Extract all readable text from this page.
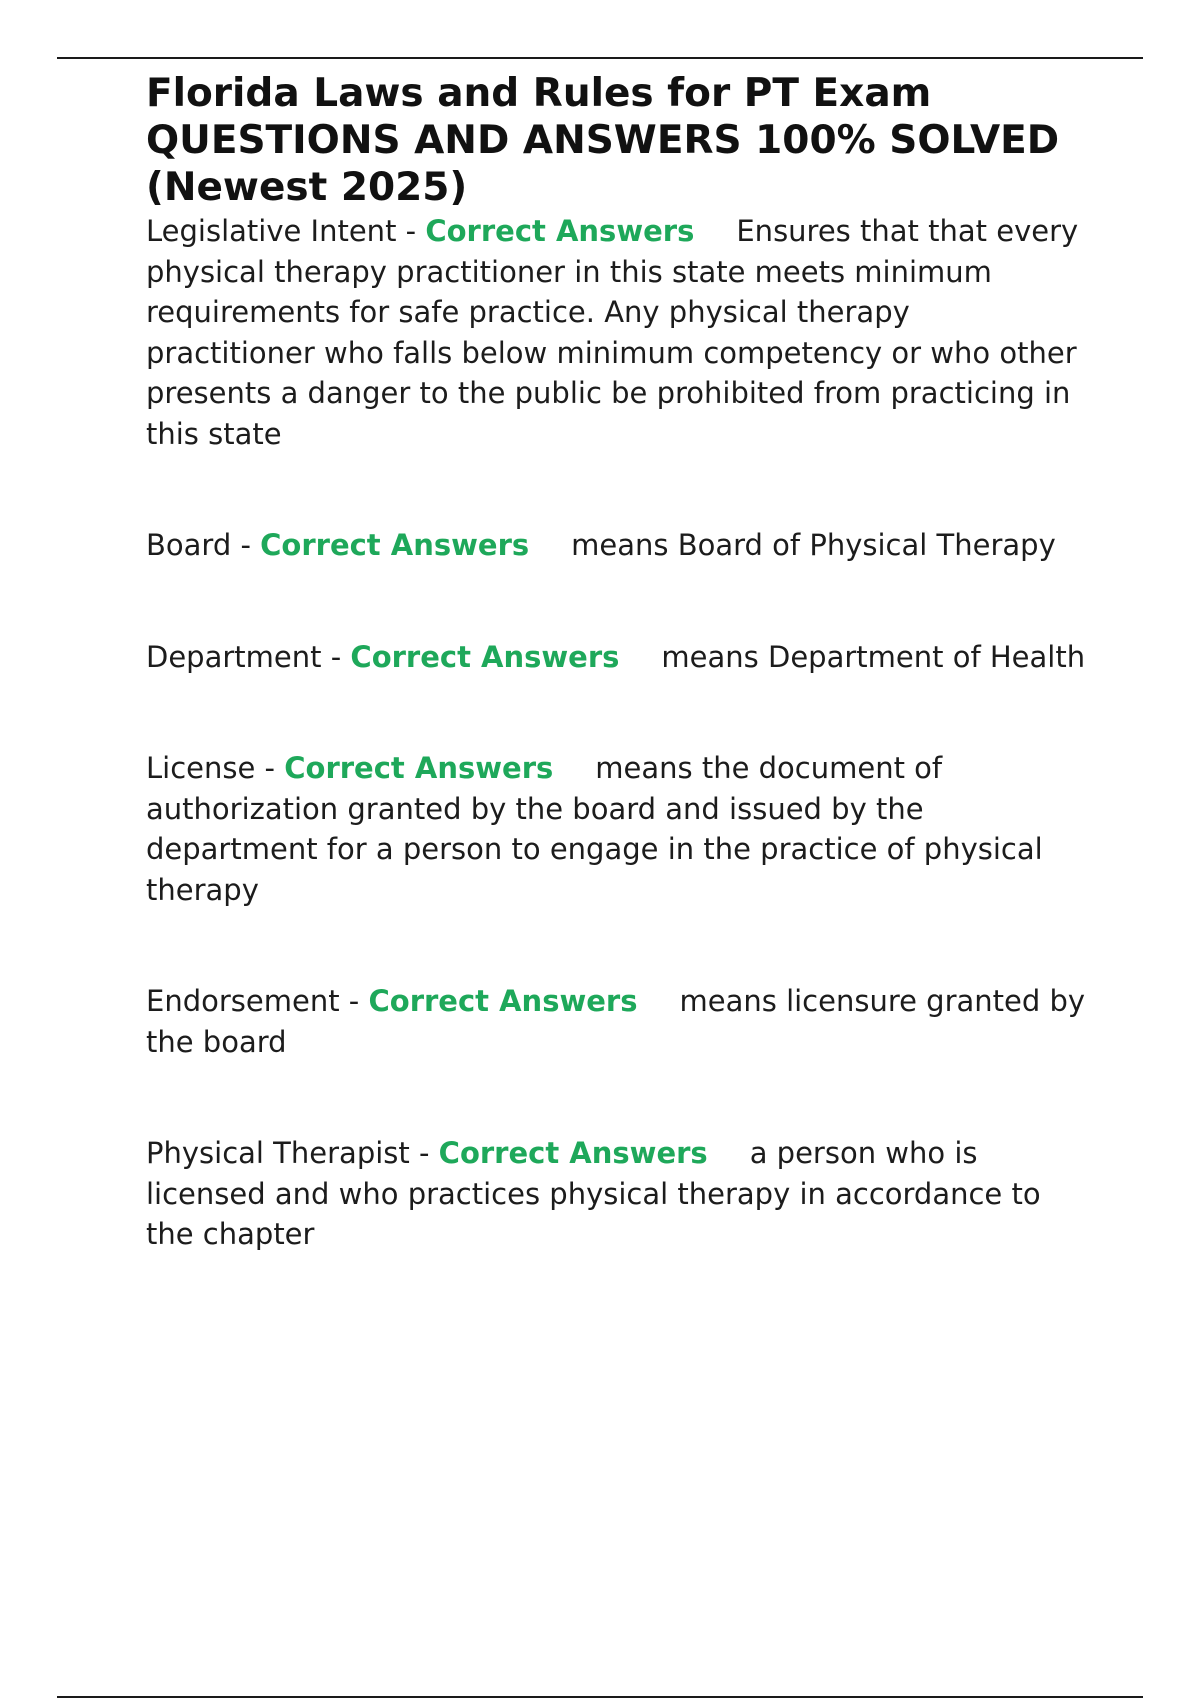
Florida Laws and Rules for PT Exam QUESTIONS AND ANSWERS 100% SOLVED (Newest 2025)

Legislative Intent - Correct Answers Ensures that that every physical therapy practitioner in this state meets minimum requirements for safe practice. Any physical therapy practitioner who falls below minimum competency or who other presents a danger to the public be prohibited from practicing in this state

Board - Correct Answers means Board of Physical Therapy

Department - Correct Answers means Department of Health

License - Correct Answers means the document of authorization granted by the board and issued by the department for a person to engage in the practice of physical therapy

Endorsement - Correct Answers means licensure granted by the board

Physical Therapist - Correct Answers a person who is licensed and who practices physical therapy in accordance to the chapter
